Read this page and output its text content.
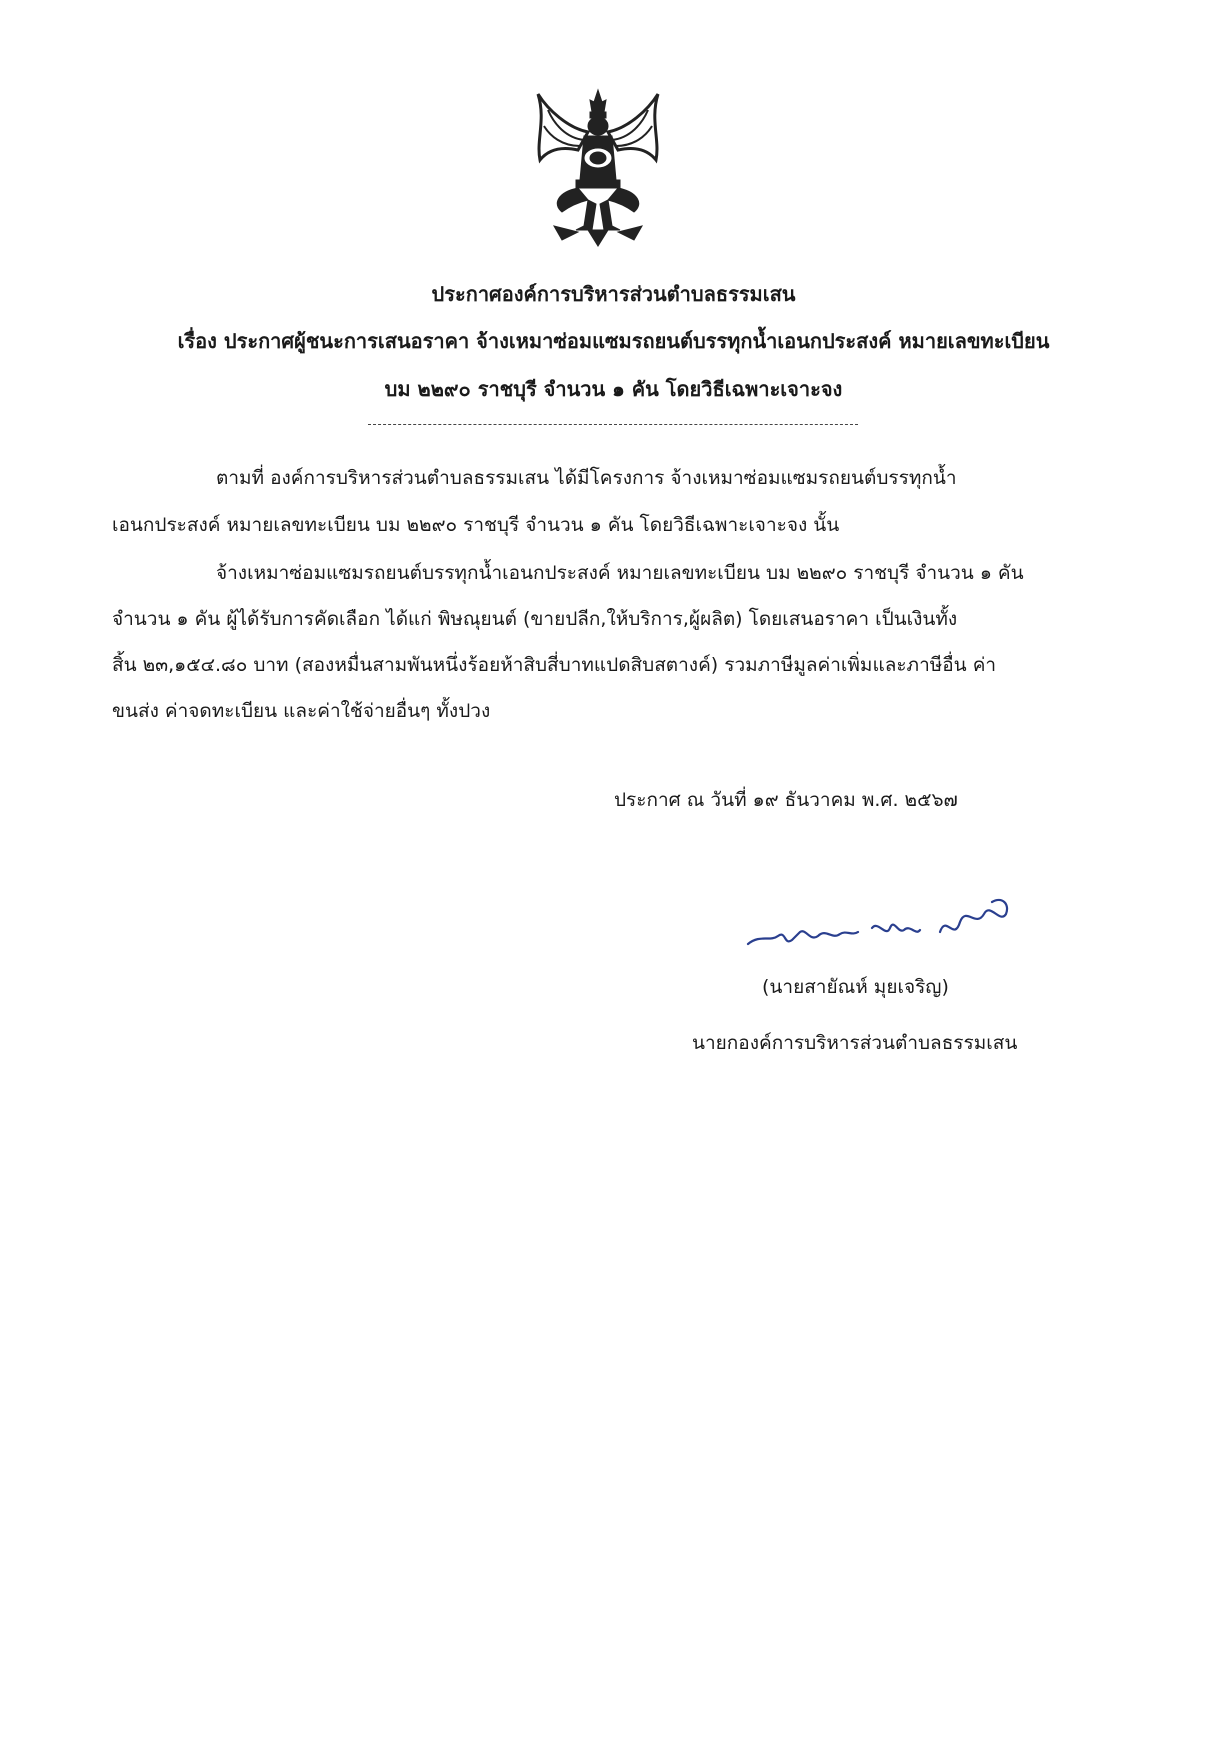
ประกาศองค์การบริหารส่วนตำบลธรรมเสน
เรื่อง ประกาศผู้ชนะการเสนอราคา จ้างเหมาซ่อมแซมรถยนต์บรรทุกน้ำเอนกประสงค์ หมายเลขทะเบียน
บม ๒๒๙๐ ราชบุรี จำนวน ๑ คัน โดยวิธีเฉพาะเจาะจง
ตามที่ องค์การบริหารส่วนตำบลธรรมเสน ได้มีโครงการ จ้างเหมาซ่อมแซมรถยนต์บรรทุกน้ำ
เอนกประสงค์ หมายเลขทะเบียน บม ๒๒๙๐ ราชบุรี จำนวน ๑ คัน โดยวิธีเฉพาะเจาะจง นั้น
จ้างเหมาซ่อมแซมรถยนต์บรรทุกน้ำเอนกประสงค์ หมายเลขทะเบียน บม ๒๒๙๐ ราชบุรี จำนวน ๑ คัน
จำนวน ๑ คัน ผู้ได้รับการคัดเลือก ได้แก่ พิษณุยนต์ (ขายปลีก,ให้บริการ,ผู้ผลิต) โดยเสนอราคา เป็นเงินทั้ง
สิ้น ๒๓,๑๕๔.๘๐ บาท (สองหมื่นสามพันหนึ่งร้อยห้าสิบสี่บาทแปดสิบสตางค์) รวมภาษีมูลค่าเพิ่มและภาษีอื่น ค่า
ขนส่ง ค่าจดทะเบียน และค่าใช้จ่ายอื่นๆ ทั้งปวง
ประกาศ ณ วันที่ ๑๙ ธันวาคม พ.ศ. ๒๕๖๗
(นายสายัณห์ มุยเจริญ)
นายกองค์การบริหารส่วนตำบลธรรมเสน
